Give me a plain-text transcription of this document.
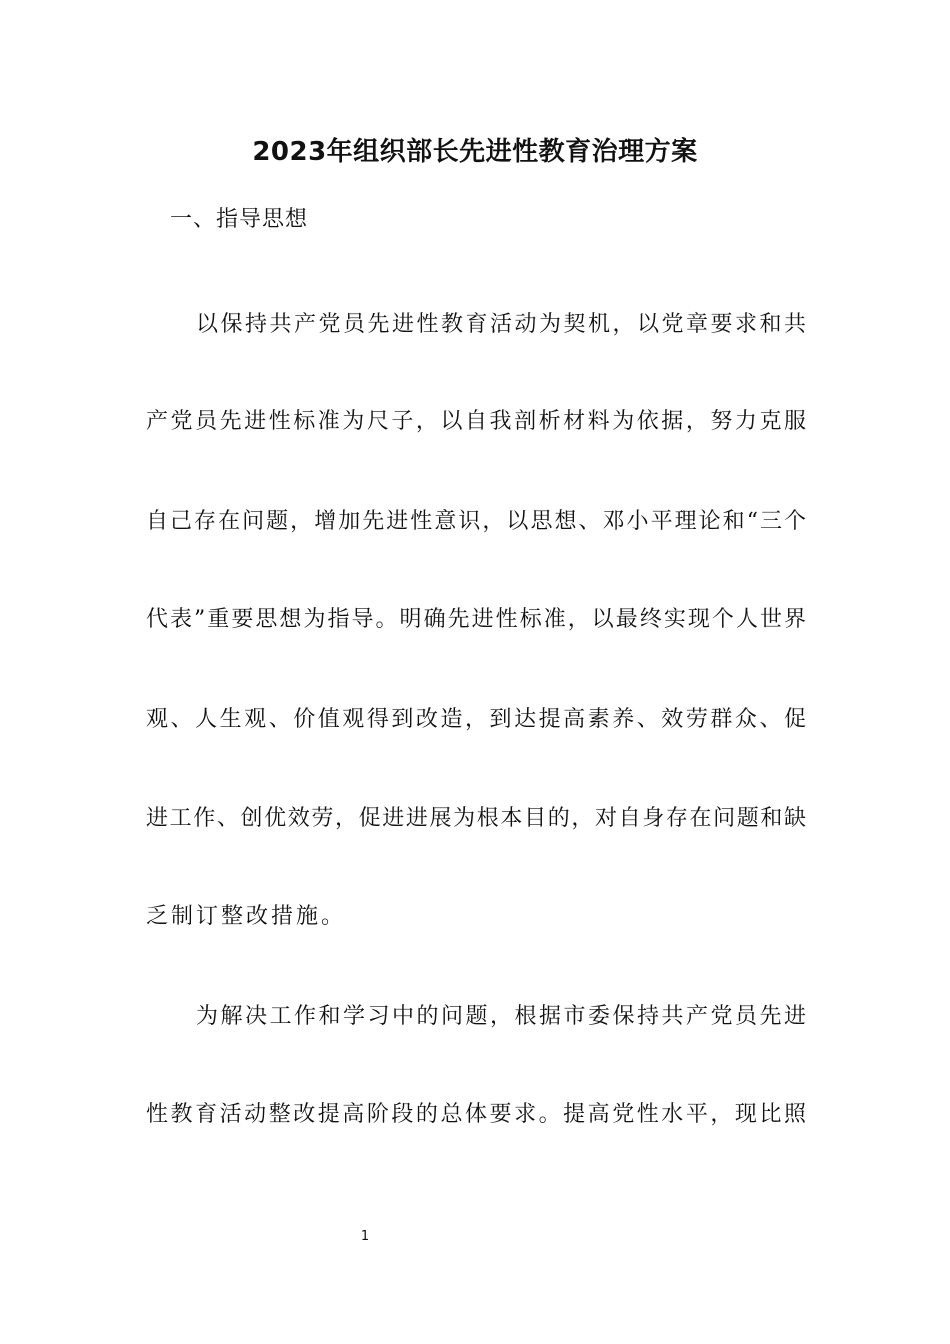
2023年组织部长先进性教育治理方案
一、指导思想
以保持共产党员先进性教育活动为契机，以党章要求和共
产党员先进性标准为尺子，以自我剖析材料为依据，努力克服
自己存在问题，增加先进性意识，以思想、邓小平理论和“三个
代表”重要思想为指导。明确先进性标准，以最终实现个人世界
观、人生观、价值观得到改造，到达提高素养、效劳群众、促
进工作、创优效劳，促进进展为根本目的，对自身存在问题和缺
乏制订整改措施。
为解决工作和学习中的问题，根据市委保持共产党员先进
性教育活动整改提高阶段的总体要求。提高党性水平，现比照
1
